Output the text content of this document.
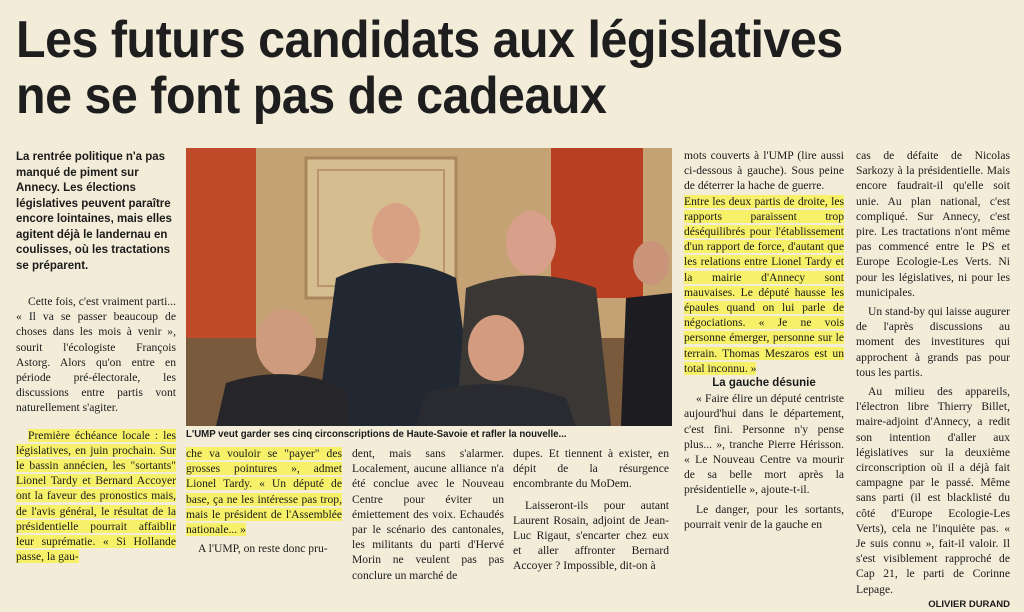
Les futurs candidats aux législatives
ne se font pas de cadeaux

La rentrée politique n'a pas manqué de piment sur Annecy. Les élections législatives peuvent paraître encore lointaines, mais elles agitent déjà le landernau en coulisses, où les tractations se préparent.

Cette fois, c'est vraiment parti... « Il va se passer beaucoup de choses dans les mois à venir », sourit l'écologiste François Astorg. Alors qu'on entre en période pré-électorale, les discussions entre partis vont naturellement s'agiter.

Première échéance locale : les législatives, en juin prochain. Sur le bassin annécien, les "sortants" Lionel Tardy et Bernard Accoyer ont la faveur des pronostics mais, de l'avis général, le résultat de la présidentielle pourrait affaiblir leur suprématie. « Si Hollande passe, la gau-

L'UMP veut garder ses cinq circonscriptions de Haute-Savoie et rafler la nouvelle...

che va vouloir se "payer" des grosses pointures », admet Lionel Tardy. « Un député de base, ça ne les intéresse pas trop, mais le président de l'Assemblée nationale... »

A l'UMP, on reste donc pru-

dent, mais sans s'alarmer. Localement, aucune alliance n'a été conclue avec le Nouveau Centre pour éviter un émiettement des voix. Echaudés par le scénario des cantonales, les militants du parti d'Hervé Morin ne veulent pas pas conclure un marché de

dupes. Et tiennent à exister, en dépit de la résurgence encombrante du MoDem.

Laisseront-ils pour autant Laurent Rosain, adjoint de Jean-Luc Rigaut, s'encarter chez eux et aller affronter Bernard Accoyer ? Impossible, dit-on à

mots couverts à l'UMP (lire aussi ci-dessous à gauche). Sous peine de déterrer la hache de guerre.

Entre les deux partis de droite, les rapports paraissent trop déséquilibrés pour l'établissement d'un rapport de force, d'autant que les relations entre Lionel Tardy et la mairie d'Annecy sont mauvaises. Le député hausse les épaules quand on lui parle de négociations. « Je ne vois personne émerger, personne sur le terrain. Thomas Meszaros est un total inconnu. »

La gauche désunie

« Faire élire un député centriste aujourd'hui dans le département, c'est fini. Personne n'y pense plus... », tranche Pierre Hérisson. « Le Nouveau Centre va mourir de sa belle mort après la présidentielle », ajoute-t-il.

Le danger, pour les sortants, pourrait venir de la gauche en

cas de défaite de Nicolas Sarkozy à la présidentielle. Mais encore faudrait-il qu'elle soit unie. Au plan national, c'est compliqué. Sur Annecy, c'est pire. Les tractations n'ont même pas commencé entre le PS et Europe Ecologie-Les Verts. Ni pour les législatives, ni pour les municipales.

Un stand-by qui laisse augurer de l'après discussions au moment des investitures qui approchent à grands pas pour tous les partis.

Au milieu des appareils, l'électron libre Thierry Billet, maire-adjoint d'Annecy, a redit son intention d'aller aux législatives sur la deuxième circonscription où il a déjà fait campagne par le passé. Même sans parti (il est blacklisté du côté d'Europe Ecologie-Les Verts), cela ne l'inquiète pas. « Je suis connu », fait-il valoir. Il s'est visiblement rapproché de Cap 21, le parti de Corinne Lepage.

OLIVIER DURAND
